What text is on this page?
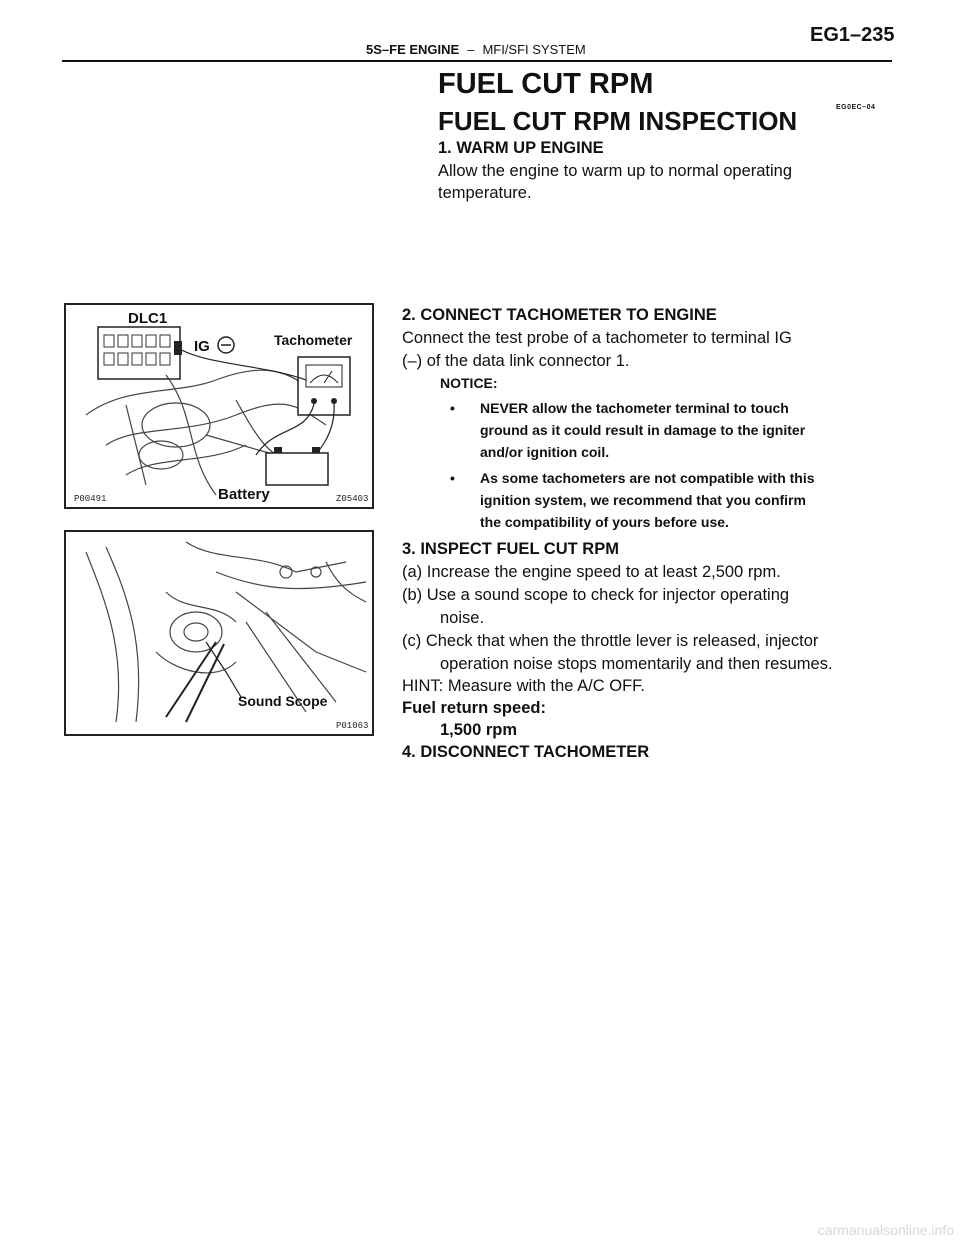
5S–FE ENGINE – MFI/SFI SYSTEM
EG1–235
FUEL CUT RPM
FUEL CUT RPM INSPECTION	EG0EC–04
1. WARM UP ENGINE
Allow the engine to warm up to normal operating
temperature.
DLC1
IG	Tachometer
Battery
P00491	Z05403
2. CONNECT TACHOMETER TO ENGINE
Connect the test probe of a tachometer to terminal IG
(–) of the data link connector 1.
NOTICE:
• NEVER allow the tachometer terminal to touch
ground as it could result in damage to the igniter
and/or ignition coil.
• As some tachometers are not compatible with this
ignition system, we recommend that you confirm
the compatibility of yours before use.
Sound Scope
P01063
3. INSPECT FUEL CUT RPM
(a) Increase the engine speed to at least 2,500 rpm.
(b) Use a sound scope to check for injector operating
noise.
(c) Check that when the throttle lever is released, injector
operation noise stops momentarily and then resumes.
HINT: Measure with the A/C OFF.
Fuel return speed:
1,500 rpm
4. DISCONNECT TACHOMETER
carmanualsonline.info
